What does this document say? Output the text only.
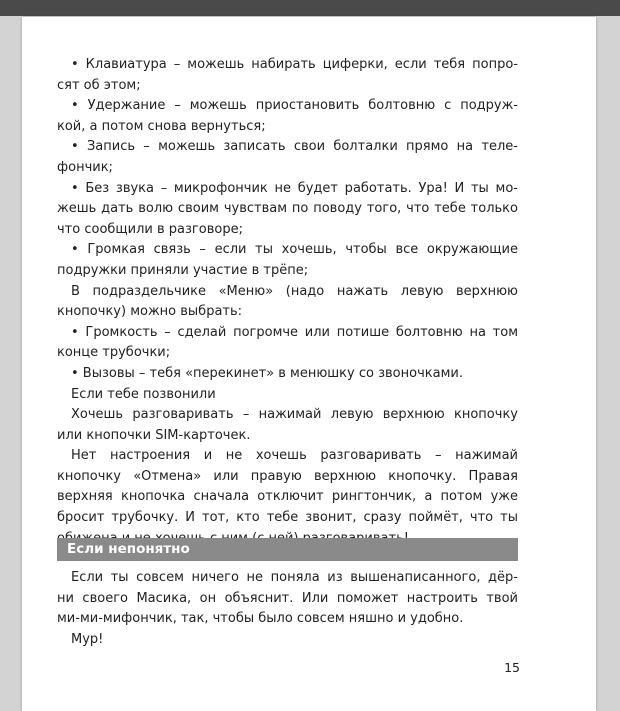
• Клавиатура – можешь набирать циферки, если тебя попро-
сят об этом;
• Удержание – можешь приостановить болтовню с подруж-
кой, а потом снова вернуться;
• Запись – можешь записать свои болталки прямо на теле-
фончик;
• Без звука – микрофончик не будет работать. Ура! И ты мо-
жешь дать волю своим чувствам по поводу того, что тебе только
что сообщили в разговоре;
• Громкая связь – если ты хочешь, чтобы все окружающие
подружки приняли участие в трёпе;
В подраздельчике «Меню» (надо нажать левую верхнюю
кнопочку) можно выбрать:
• Громкость – сделай погромче или потише болтовню на том
конце трубочки;
• Вызовы – тебя «перекинет» в менюшку со звоночками.
Если тебе позвонили
Хочешь разговаривать – нажимай левую верхнюю кнопочку
или кнопочки SIM-карточек.
Нет настроения и не хочешь разговаривать – нажимай
кнопочку «Отмена» или правую верхнюю кнопочку. Правая
верхняя кнопочка сначала отключит рингтончик, а потом уже
бросит трубочку. И тот, кто тебе звонит, сразу поймёт, что ты
Если непонятно
Если ты совсем ничего не поняла из вышенаписанного, дёр-
ни своего Масика, он объяснит. Или поможет настроить твой
ми-ми-мифончик, так, чтобы было совсем няшно и удобно.
Мур!
15
